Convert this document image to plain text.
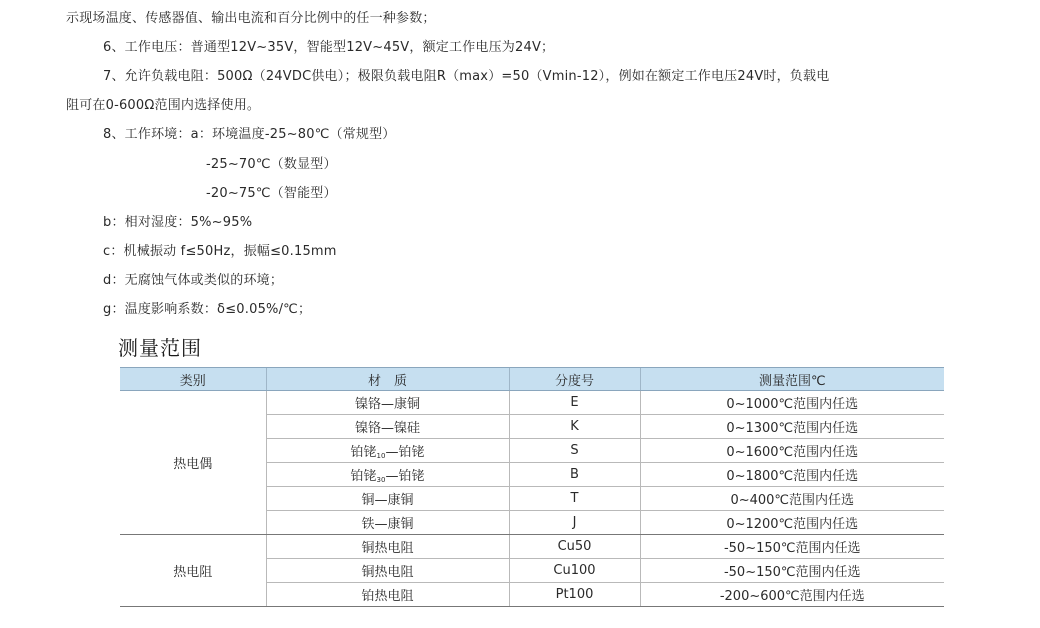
示现场温度、传感器值、输出电流和百分比例中的任一种参数；
6、工作电压：普通型12V~35V，智能型12V~45V，额定工作电压为24V；
7、允许负载电阻：500Ω（24VDC供电）；极限负载电阻R（max）=50（Vmin-12），例如在额定工作电压24V时，负载电
阻可在0-600Ω范围内选择使用。
8、工作环境：a：环境温度-25~80℃（常规型）
-25~70℃（数显型）
-20~75℃（智能型）
b：相对湿度：5%~95%
c：机械振动 f≤50Hz，振幅≤0.15mm
d：无腐蚀气体或类似的环境；
g：温度影响系数：δ≤0.05%/℃；
测量范围
类别	材　质	分度号	测量范围℃
热电偶	镍铬—康铜	E	0~1000℃范围内任选
	镍铬—镍硅	K	0~1300℃范围内任选
	铂铑$_{10}$—铂铑	S	0~1600℃范围内任选
	铂铑$_{30}$—铂铑	B	0~1800℃范围内任选
	铜—康铜	T	0~400℃范围内任选
	铁—康铜	J	0~1200℃范围内任选
热电阻	铜热电阻	Cu50	-50~150℃范围内任选
	铜热电阻	Cu100	-50~150℃范围内任选
	铂热电阻	Pt100	-200~600℃范围内任选
